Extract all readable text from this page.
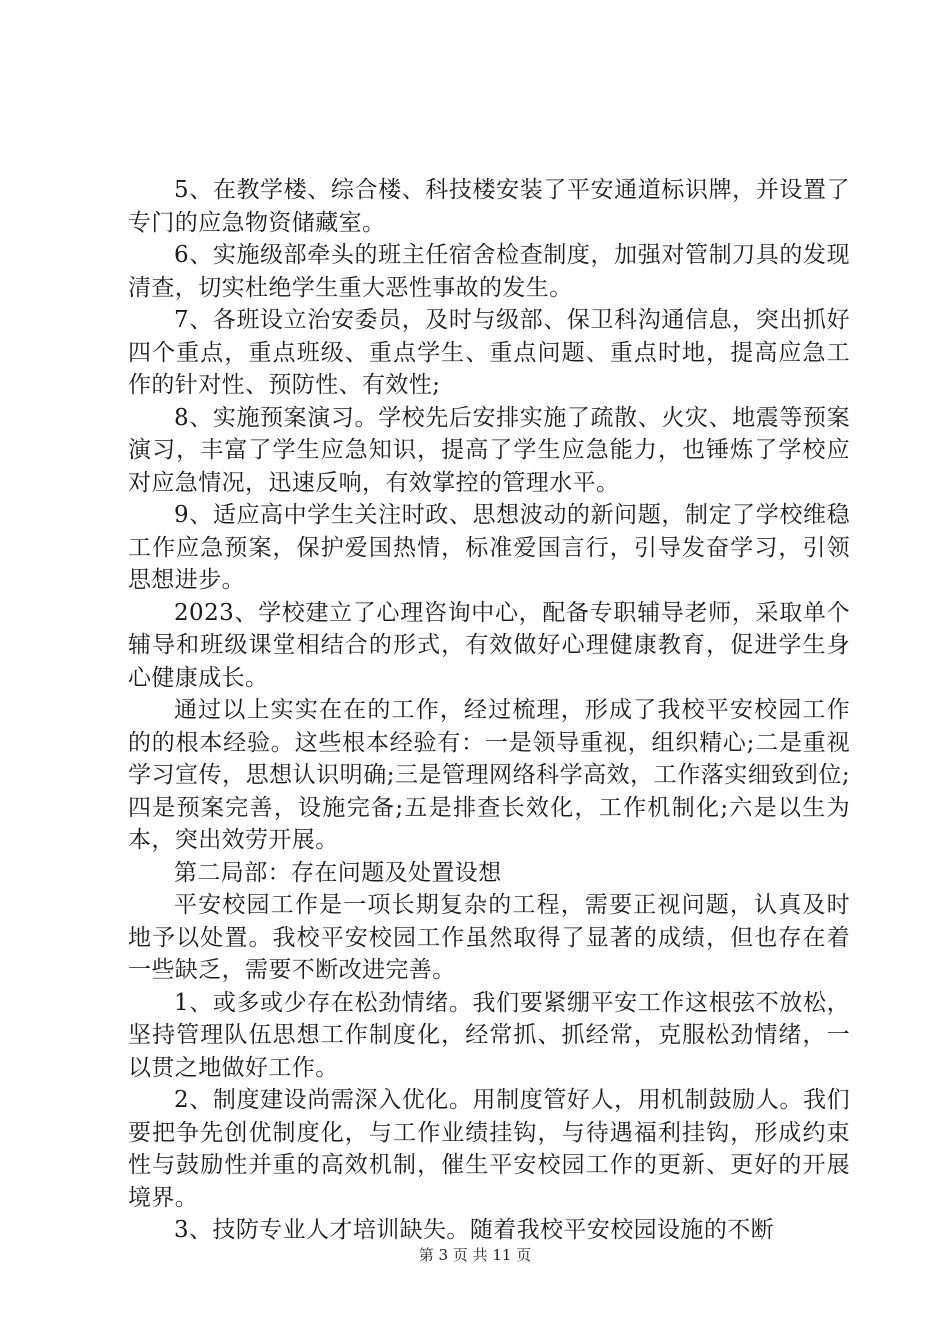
5、在教学楼、综合楼、科技楼安装了平安通道标识牌，并设置了专门的应急物资储藏室。

6、实施级部牵头的班主任宿舍检查制度，加强对管制刀具的发现清查，切实杜绝学生重大恶性事故的发生。

7、各班设立治安委员，及时与级部、保卫科沟通信息，突出抓好四个重点，重点班级、重点学生、重点问题、重点时地，提高应急工作的针对性、预防性、有效性;

8、实施预案演习。学校先后安排实施了疏散、火灾、地震等预案演习，丰富了学生应急知识，提高了学生应急能力，也锤炼了学校应对应急情况，迅速反响，有效掌控的管理水平。

9、适应高中学生关注时政、思想波动的新问题，制定了学校维稳工作应急预案，保护爱国热情，标准爱国言行，引导发奋学习，引领思想进步。

2023、学校建立了心理咨询中心，配备专职辅导老师，采取单个辅导和班级课堂相结合的形式，有效做好心理健康教育，促进学生身心健康成长。

通过以上实实在在的工作，经过梳理，形成了我校平安校园工作的的根本经验。这些根本经验有：一是领导重视，组织精心;二是重视学习宣传，思想认识明确;三是管理网络科学高效，工作落实细致到位;四是预案完善，设施完备;五是排查长效化，工作机制化;六是以生为本，突出效劳开展。

第二局部：存在问题及处置设想

平安校园工作是一项长期复杂的工程，需要正视问题，认真及时地予以处置。我校平安校园工作虽然取得了显著的成绩，但也存在着一些缺乏，需要不断改进完善。

1、或多或少存在松劲情绪。我们要紧绷平安工作这根弦不放松，坚持管理队伍思想工作制度化，经常抓、抓经常，克服松劲情绪，一以贯之地做好工作。

2、制度建设尚需深入优化。用制度管好人，用机制鼓励人。我们要把争先创优制度化，与工作业绩挂钩，与待遇福利挂钩，形成约束性与鼓励性并重的高效机制，催生平安校园工作的更新、更好的开展境界。

3、技防专业人才培训缺失。随着我校平安校园设施的不断

第 3 页 共 11 页
